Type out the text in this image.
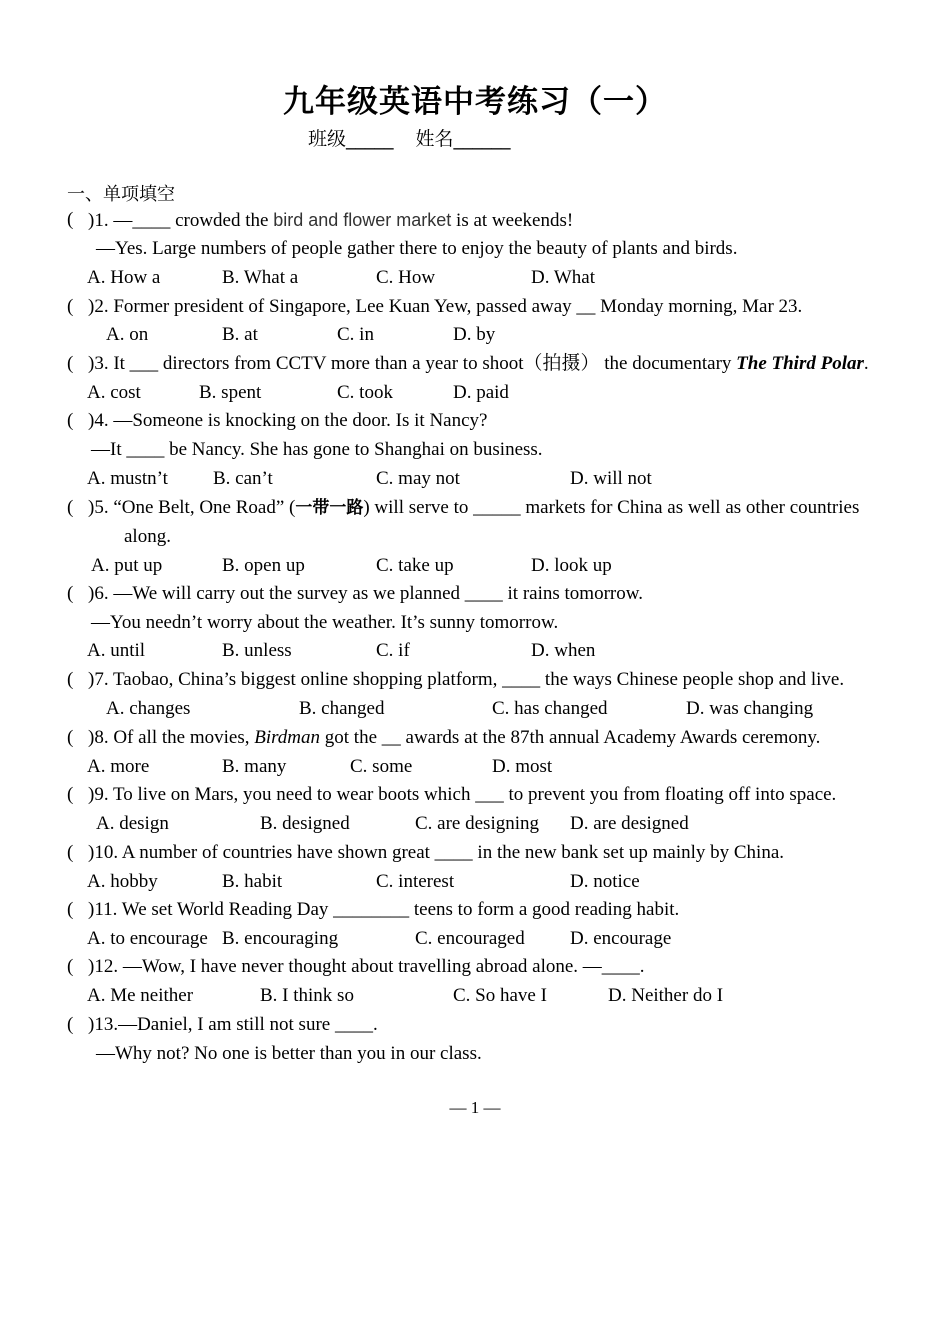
九年级英语中考练习（一）
班级_____ 姓名______
一、单项填空
( )1. —____ crowded the bird and flower market is at weekends!
—Yes. Large numbers of people gather there to enjoy the beauty of plants and birds.
A. How a	B. What a	C. How	D. What
( )2. Former president of Singapore, Lee Kuan Yew, passed away __ Monday morning, Mar 23.
A. on	B. at	C. in	D. by
( )3. It ___ directors from CCTV more than a year to shoot（拍摄） the documentary The Third Polar.
A. cost	B. spent	C. took	D. paid
( )4. —Someone is knocking on the door. Is it Nancy?
—It ____ be Nancy. She has gone to Shanghai on business.
A. mustn’t B. can’t	C. may not	D. will not
( )5. “One Belt, One Road” (一带一路) will serve to _____ markets for China as well as other countries
along.
A. put up	B. open up	C. take up	D. look up
( )6. —We will carry out the survey as we planned ____ it rains tomorrow.
—You needn’t worry about the weather. It’s sunny tomorrow.
A. until	B. unless	C. if	D. when
( )7. Taobao, China’s biggest online shopping platform, ____ the ways Chinese people shop and live.
A. changes	B. changed	C. has changed	D. was changing
( )8. Of all the movies, Birdman got the __ awards at the 87th annual Academy Awards ceremony.
A. more	B. many	C. some	D. most
( )9. To live on Mars, you need to wear boots which ___ to prevent you from floating off into space.
A. design	B. designed	C. are designing D. are designed
( )10. A number of countries have shown great ____ in the new bank set up mainly by China.
A. hobby	B. habit	C. interest	D. notice
( )11. We set World Reading Day ________ teens to form a good reading habit.
A. to encourage B. encouraging	C. encouraged D. encourage
( )12. —Wow, I have never thought about travelling abroad alone. —____.
A. Me neither	B. I think so	C. So have I	D. Neither do I
( )13.—Daniel, I am still not sure ____.
—Why not? No one is better than you in our class.
— 1 —
